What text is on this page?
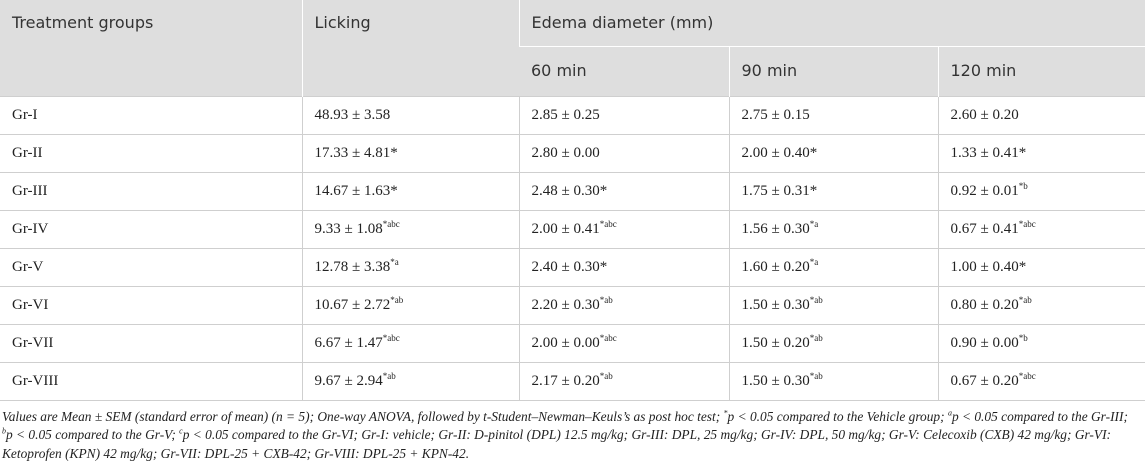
Treatment groups	Licking	Edema diameter (mm)		
		60 min	90 min	120 min
Gr-I	48.93 ± 3.58	2.85 ± 0.25	2.75 ± 0.15	2.60 ± 0.20
Gr-II	17.33 ± 4.81*	2.80 ± 0.00	2.00 ± 0.40*	1.33 ± 0.41*
Gr-III	14.67 ± 1.63*	2.48 ± 0.30*	1.75 ± 0.31*	$0.92 \pm 0.01^{*b}$
Gr-IV	$9.33 \pm 1.08^{*abc}$	$2.00 \pm 0.41^{*abc}$	$1.56 \pm 0.30^{*a}$	$0.67 \pm 0.41^{*abc}$
Gr-V	$12.78 \pm 3.38^{*a}$	2.40 ± 0.30*	$1.60 \pm 0.20^{*a}$	1.00 ± 0.40*
Gr-VI	$10.67 \pm 2.72^{*ab}$	$2.20 \pm 0.30^{*ab}$	$1.50 \pm 0.30^{*ab}$	$0.80 \pm 0.20^{*ab}$
Gr-VII	$6.67 \pm 1.47^{*abc}$	$2.00 \pm 0.00^{*abc}$	$1.50 \pm 0.20^{*ab}$	$0.90 \pm 0.00^{*b}$
Gr-VIII	$9.67 \pm 2.94^{*ab}$	$2.17 \pm 0.20^{*ab}$	$1.50 \pm 0.30^{*ab}$	$0.67 \pm 0.20^{*abc}$
Values are Mean ± SEM (standard error of mean) (n = 5); One-way ANOVA, followed by t-Student–Newman–Keuls’s as post hoc test; *p < 0.05 compared to the Vehicle group; $^a$p < 0.05 compared to the Gr-III; $^b$p < 0.05 compared to the Gr-V; $^c$p < 0.05 compared to the Gr-VI; Gr-I: vehicle; Gr-II: D-pinitol (DPL) 12.5 mg/kg; Gr-III: DPL, 25 mg/kg; Gr-IV: DPL, 50 mg/kg; Gr-V: Celecoxib (CXB) 42 mg/kg; Gr-VI: Ketoprofen (KPN) 42 mg/kg; Gr-VII: DPL-25 + CXB-42; Gr-VIII: DPL-25 + KPN-42.
